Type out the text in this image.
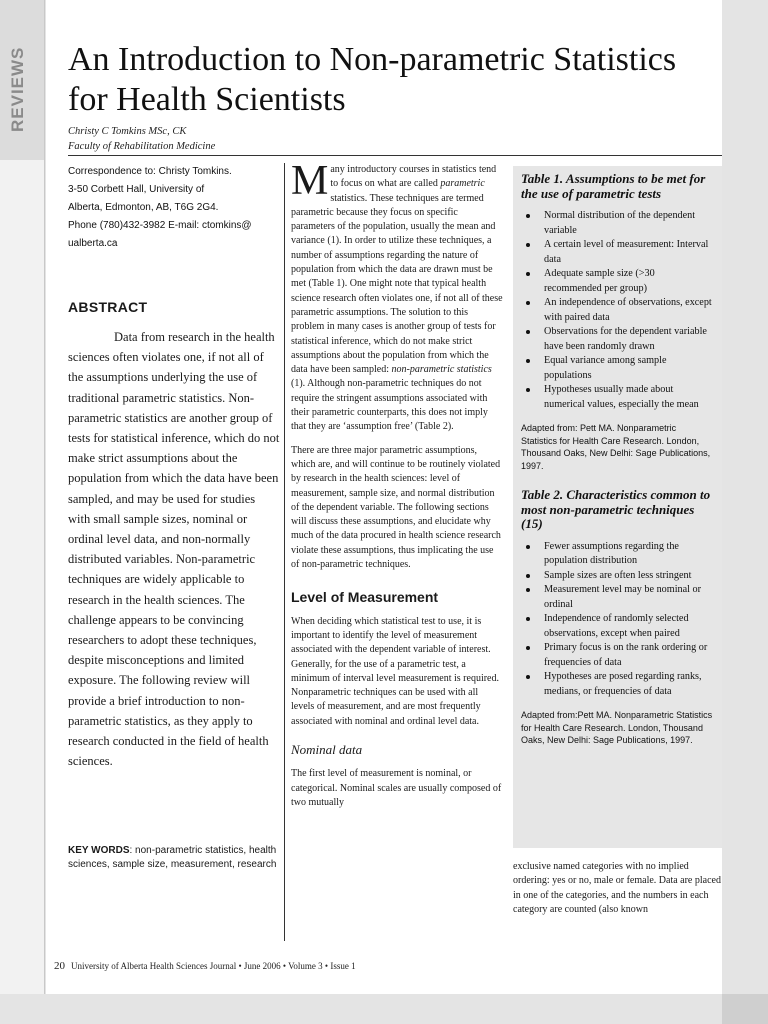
REVIEWS An Introduction to Non-parametric Statistics for Health Scientists
Christy C Tomkins MSc, CK
Faculty of Rehabilitation Medicine
Correspondence to: Christy Tomkins.
3-50 Corbett Hall, University of
Alberta, Edmonton, AB, T6G 2G4.
Phone (780)432-3982 E-mail: ctomkins@
ualberta.ca
ABSTRACT
Data from research in the health sciences often violates one, if not all of the assumptions underlying the use of traditional parametric statistics. Non-parametric statistics are another group of tests for statistical inference, which do not make strict assumptions about the population from which the data have been sampled, and may be used for studies with small sample sizes, nominal or ordinal level data, and non-normally distributed variables. Non-parametric techniques are widely applicable to research in the health sciences. The challenge appears to be convincing researchers to adopt these techniques, despite misconceptions and limited exposure. The following review will provide a brief introduction to non-parametric statistics, as they apply to research conducted in the field of health sciences.
KEY WORDS: non-parametric statistics, health sciences, sample size, measurement, research

Many introductory courses in statistics tend to focus on what are called parametric statistics. These techniques are termed parametric because they focus on specific parameters of the population, usually the mean and variance (1). In order to utilize these techniques, a number of assumptions regarding the nature of population from which the data are drawn must be met (Table 1). One might note that typical health science research often violates one, if not all of these parametric assumptions. The solution to this problem in many cases is another group of tests for statistical inference, which do not make strict assumptions about the population from which the data have been sampled: non-parametric statistics (1). Although non-parametric techniques do not require the stringent assumptions associated with their parametric counterparts, this does not imply that they are ‘assumption free’ (Table 2).

There are three major parametric assumptions, which are, and will continue to be routinely violated by research in the health sciences: level of measurement, sample size, and normal distribution of the dependent variable. The following sections will discuss these assumptions, and elucidate why much of the data procured in health science research violate these assumptions, thus implicating the use of non-parametric techniques.

Level of Measurement

When deciding which statistical test to use, it is important to identify the level of measurement associated with the dependent variable of interest. Generally, for the use of a parametric test, a minimum of interval level measurement is required. Nonparametric techniques can be used with all levels of measurement, and are most frequently associated with nominal and ordinal level data.

Nominal data

The first level of measurement is nominal, or categorical. Nominal scales are usually composed of two mutually

Table 1. Assumptions to be met for the use of parametric tests
Normal distribution of the dependent variable
A certain level of measurement: Interval data
Adequate sample size (>30 recommended per group)
An independence of observations, except with paired data
Observations for the dependent variable have been randomly drawn
Equal variance among sample populations
Hypotheses usually made about numerical values, especially the mean
Adapted from: Pett MA. Nonparametric Statistics for Health Care Research. London, Thousand Oaks, New Delhi: Sage Publications, 1997.
Table 2. Characteristics common to most non-parametric techniques (15)
Fewer assumptions regarding the population distribution
Sample sizes are often less stringent
Measurement level may be nominal or ordinal
Independence of randomly selected observations, except when paired
Primary focus is on the rank ordering or frequencies of data
Hypotheses are posed regarding ranks, medians, or frequencies of data
Adapted from:Pett MA. Nonparametric Statistics for Health Care Research. London, Thousand Oaks, New Delhi: Sage Publications, 1997.

exclusive named categories with no implied ordering: yes or no, male or female. Data are placed in one of the categories, and the numbers in each category are counted (also known

20 University of Alberta Health Sciences Journal • June 2006 • Volume 3 • Issue 1
